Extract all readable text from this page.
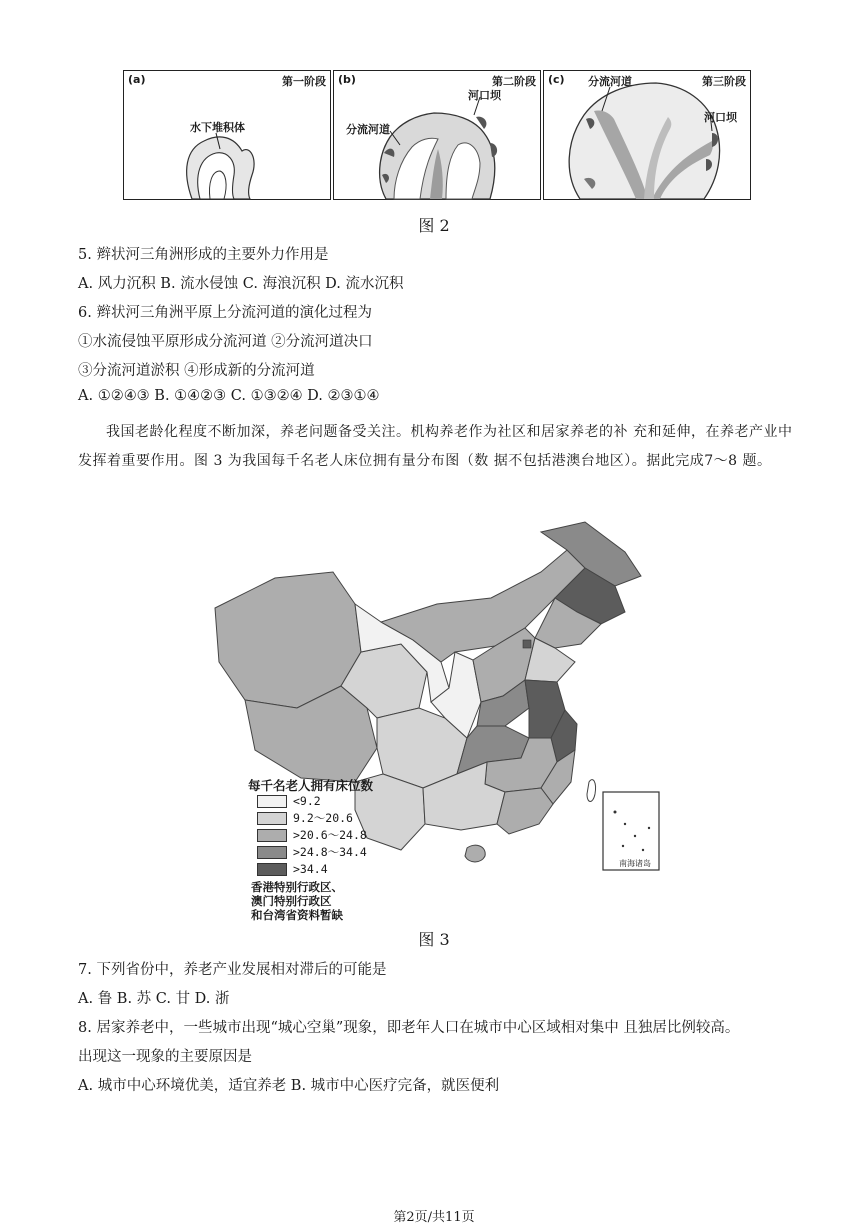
(a)	第一阶段
水下堆积体
(b)	第二阶段
河口坝
分流河道
(c)	第三阶段
分流河道
河口坝
图 2
5. 辫状河三角洲形成的主要外力作用是
A. 风力沉积 B. 流水侵蚀 C. 海浪沉积 D. 流水沉积
6. 辫状河三角洲平原上分流河道的演化过程为
①水流侵蚀平原形成分流河道 ②分流河道决口
③分流河道淤积 ④形成新的分流河道
A. ①②④③ B. ①④②③ C. ①③②④ D. ②③①④
我国老龄化程度不断加深，养老问题备受关注。机构养老作为社区和居家养老的补 充和延伸，在养老产业中发挥着重要作用。图 3 为我国每千名老人床位拥有量分布图（数 据不包括港澳台地区）。据此完成7～8 题。
南海诸岛
每千名老人拥有床位数
<9.2
9.2～20.6
>20.6～24.8
>24.8～34.4
>34.4
香港特别行政区、
澳门特别行政区
和台湾省资料暂缺
图 3
7. 下列省份中，养老产业发展相对滞后的可能是
A. 鲁 B. 苏 C. 甘 D. 浙
8. 居家养老中，一些城市出现“城心空巢”现象，即老年人口在城市中心区域相对集中 且独居比例较高。
出现这一现象的主要原因是
A. 城市中心环境优美，适宜养老 B. 城市中心医疗完备，就医便利
第2页/共11页
